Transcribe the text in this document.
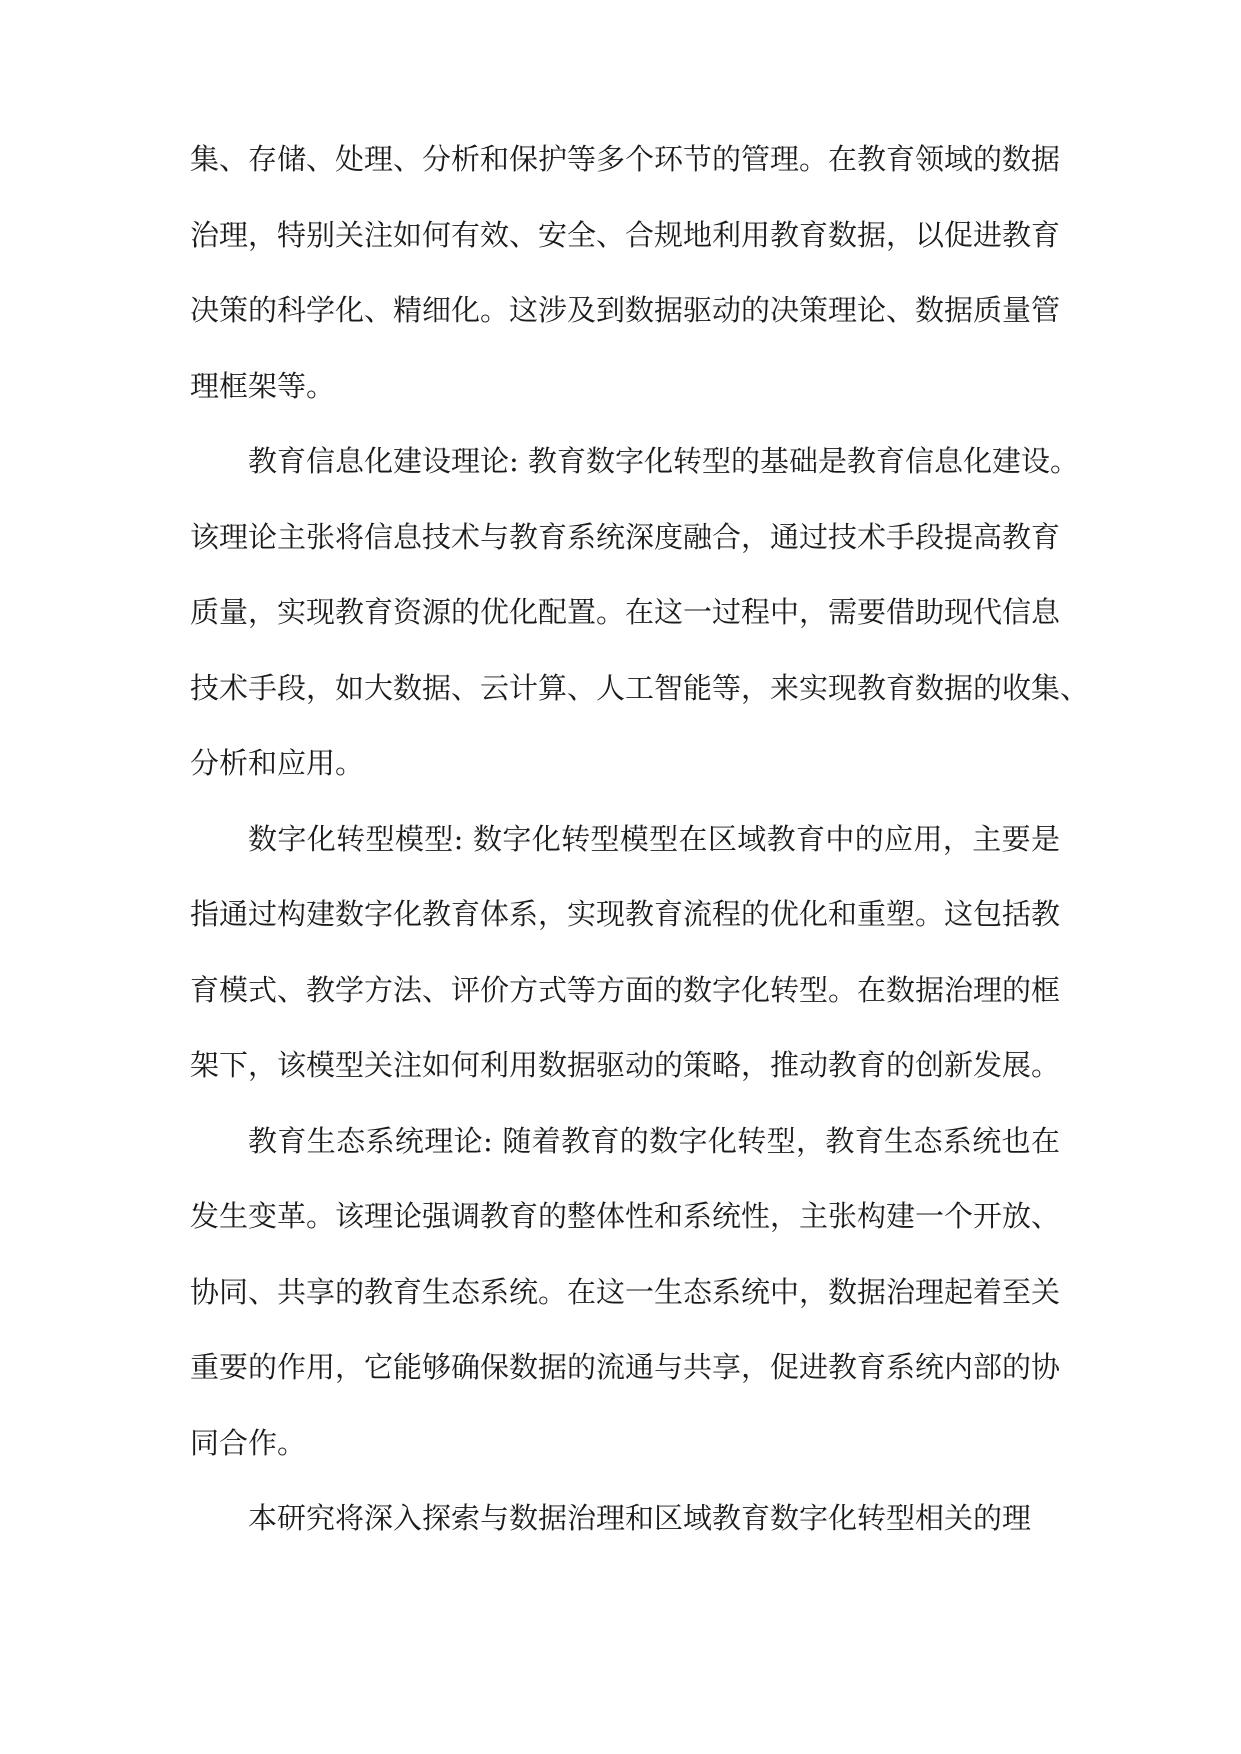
集、存储、处理、分析和保护等多个环节的管理。在教育领域的数据
治理，特别关注如何有效、安全、合规地利用教育数据，以促进教育
决策的科学化、精细化。这涉及到数据驱动的决策理论、数据质量管
理框架等。
教育信息化建设理论: 教育数字化转型的基础是教育信息化建设。
该理论主张将信息技术与教育系统深度融合，通过技术手段提高教育
质量，实现教育资源的优化配置。在这一过程中，需要借助现代信息
技术手段，如大数据、云计算、人工智能等，来实现教育数据的收集、
分析和应用。
数字化转型模型: 数字化转型模型在区域教育中的应用，主要是
指通过构建数字化教育体系，实现教育流程的优化和重塑。这包括教
育模式、教学方法、评价方式等方面的数字化转型。在数据治理的框
架下，该模型关注如何利用数据驱动的策略，推动教育的创新发展。
教育生态系统理论: 随着教育的数字化转型，教育生态系统也在
发生变革。该理论强调教育的整体性和系统性，主张构建一个开放、
协同、共享的教育生态系统。在这一生态系统中，数据治理起着至关
重要的作用，它能够确保数据的流通与共享，促进教育系统内部的协
同合作。
本研究将深入探索与数据治理和区域教育数字化转型相关的理
